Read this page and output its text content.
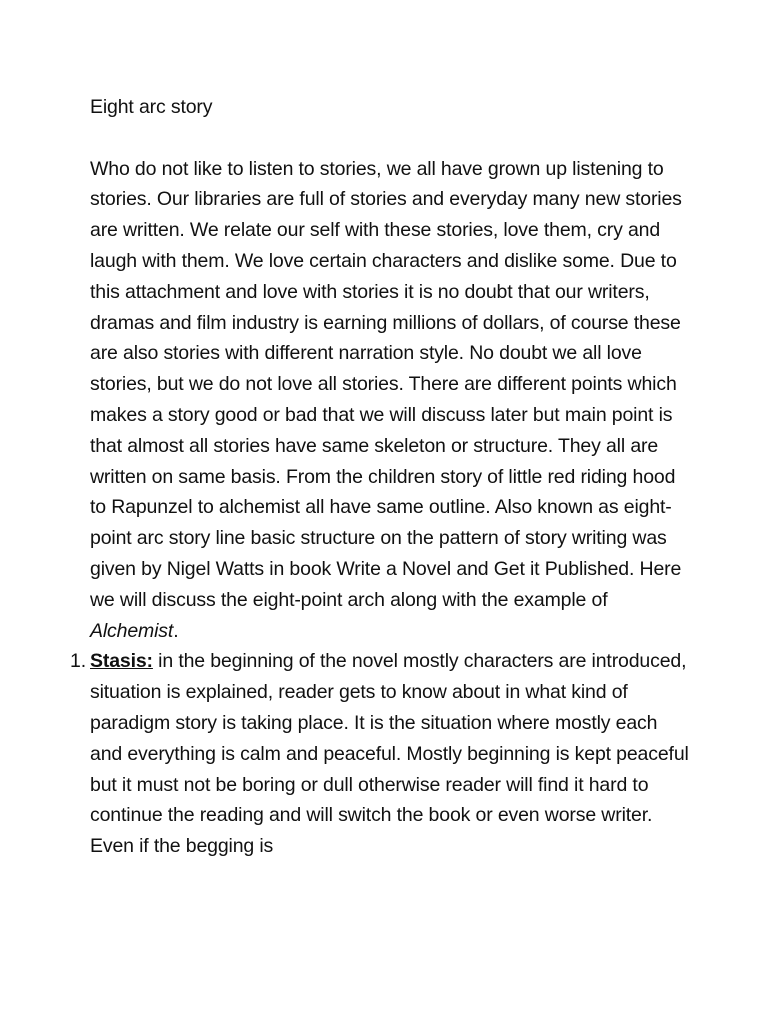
Eight arc story

Who do not like to listen to stories, we all have grown up listening to stories. Our libraries are full of stories and everyday many new stories are written. We relate our self with these stories, love them, cry and laugh with them. We love certain characters and dislike some. Due to this attachment and love with stories it is no doubt that our writers, dramas and film industry is earning millions of dollars, of course these are also stories with different narration style. No doubt we all love stories, but we do not love all stories. There are different points which makes a story good or bad that we will discuss later but main point is that almost all stories have same skeleton or structure. They all are written on same basis. From the children story of little red riding hood to Rapunzel to alchemist all have same outline. Also known as eight-point arc story line basic structure on the pattern of story writing was given by Nigel Watts in book Write a Novel and Get it Published. Here we will discuss the eight-point arch along with the example of Alchemist.

1. Stasis: in the beginning of the novel mostly characters are introduced, situation is explained, reader gets to know about in what kind of paradigm story is taking place. It is the situation where mostly each and everything is calm and peaceful. Mostly beginning is kept peaceful but it must not be boring or dull otherwise reader will find it hard to continue the reading and will switch the book or even worse writer. Even if the begging is
